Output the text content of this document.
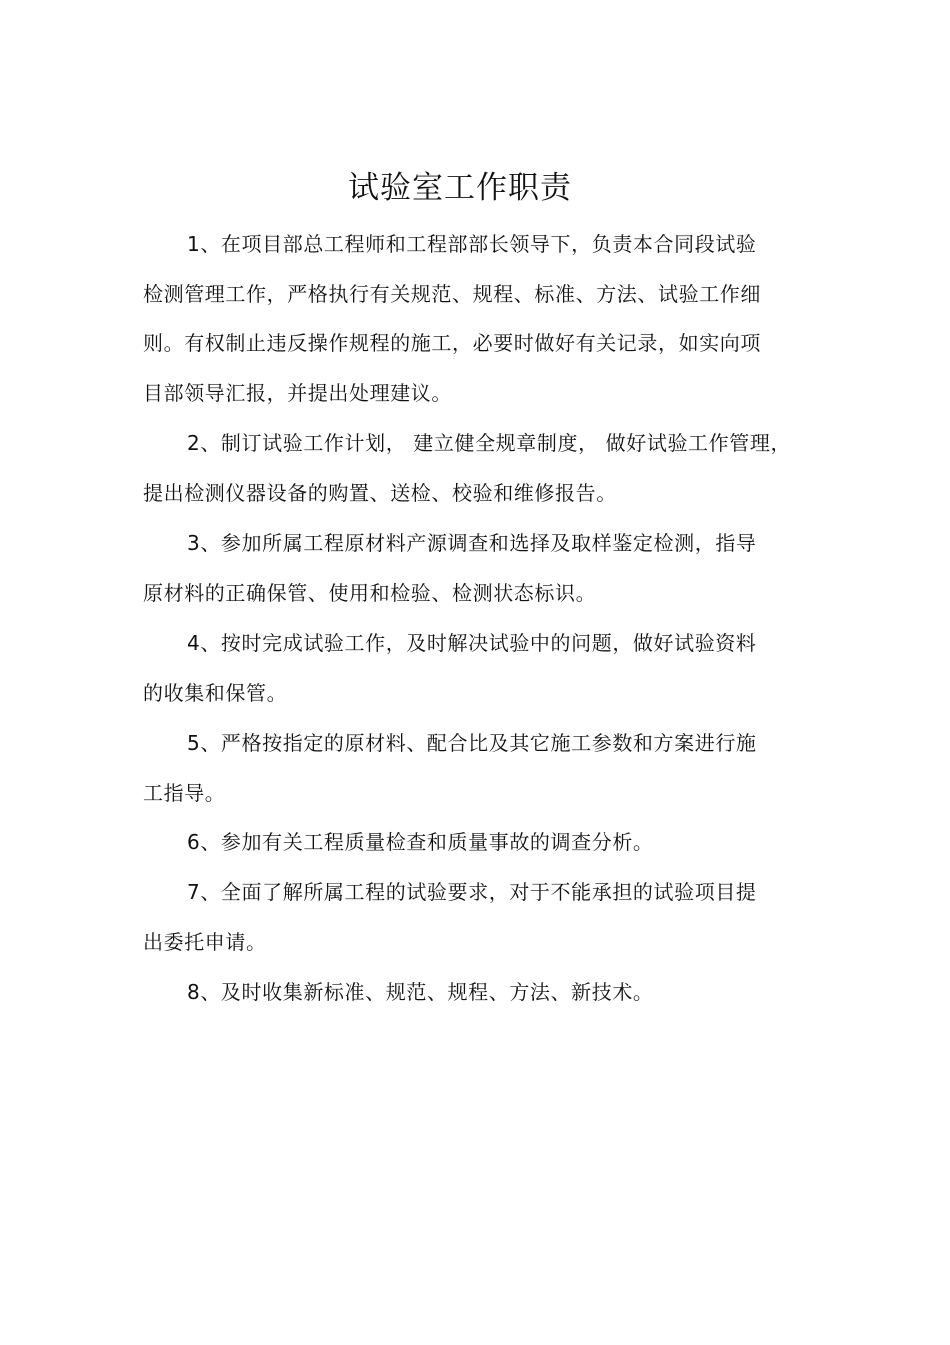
试验室工作职责
1、在项目部总工程师和工程部部长领导下，负责本合同段试验
检测管理工作，严格执行有关规范、规程、标准、方法、试验工作细
则。有权制止违反操作规程的施工，必要时做好有关记录，如实向项
目部领导汇报，并提出处理建议。
2、制订试验工作计划， 建立健全规章制度， 做好试验工作管理，
提出检测仪器设备的购置、送检、校验和维修报告。
3、参加所属工程原材料产源调查和选择及取样鉴定检测，指导
原材料的正确保管、使用和检验、检测状态标识。
4、按时完成试验工作，及时解决试验中的问题，做好试验资料
的收集和保管。
5、严格按指定的原材料、配合比及其它施工参数和方案进行施
工指导。
6、参加有关工程质量检查和质量事故的调查分析。
7、全面了解所属工程的试验要求，对于不能承担的试验项目提
出委托申请。
8、及时收集新标准、规范、规程、方法、新技术。
